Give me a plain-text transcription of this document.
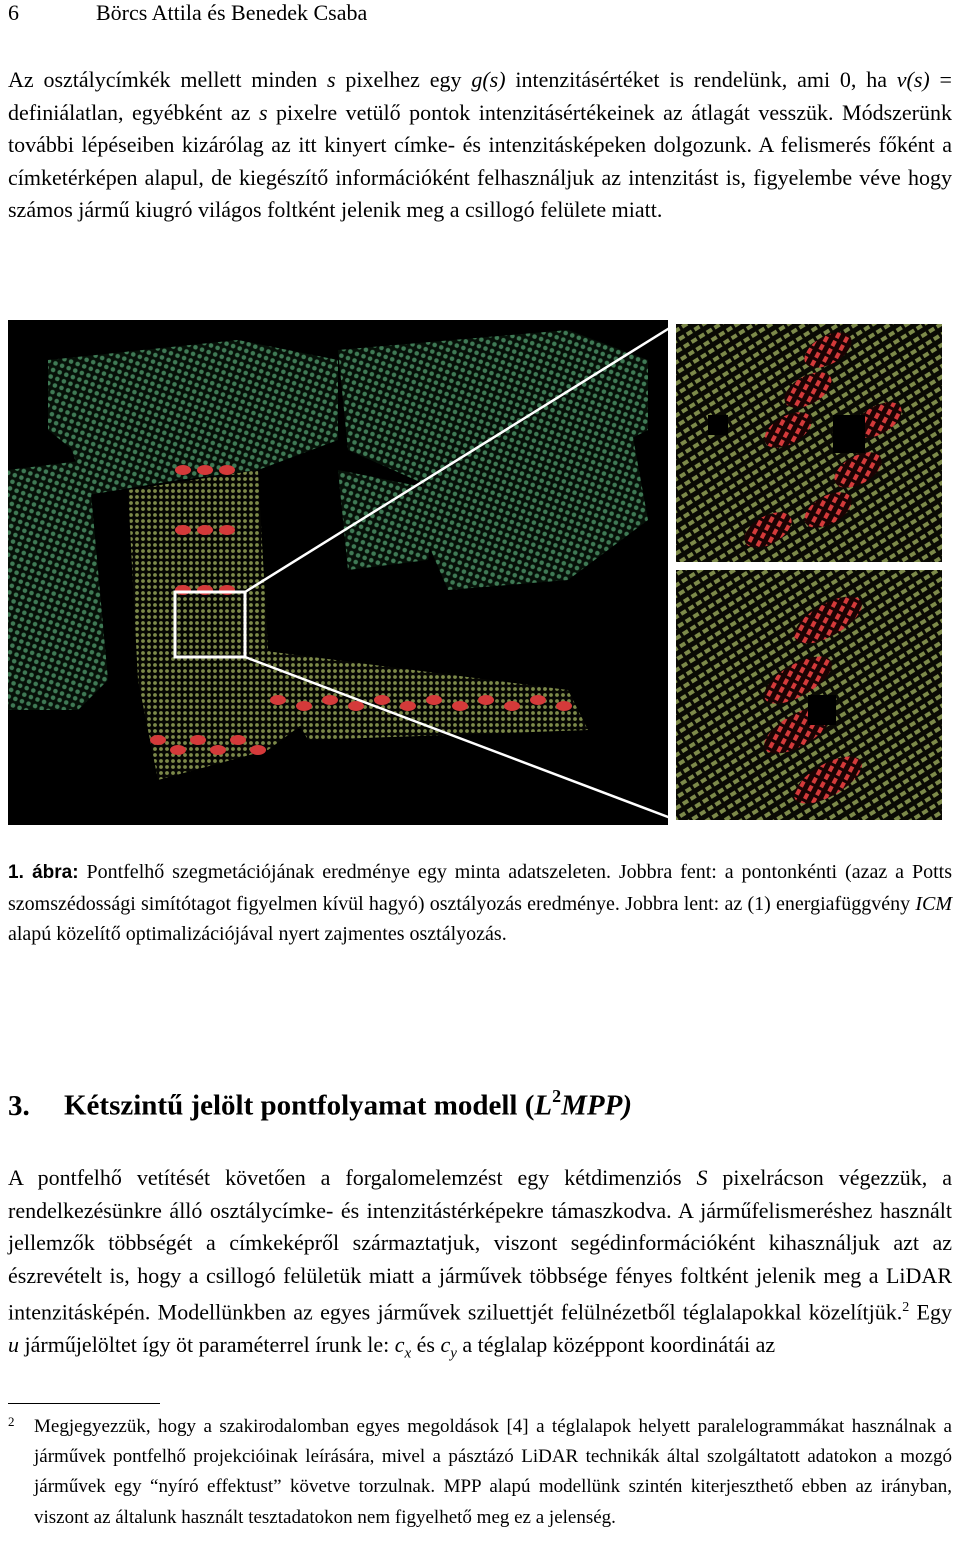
6	Börcs Attila és Benedek Csaba

Az osztálycímkék mellett minden s pixelhez egy g(s) intenzitásértéket is rendelünk, ami 0, ha ν(s) = definiálatlan, egyébként az s pixelre vetülő pontok intenzitásértékeinek az átlagát vesszük. Módszerünk további lépéseiben kizárólag az itt kinyert címke- és intenzitásképeken dolgozunk. A felismerés főként a címketérképen alapul, de kiegészítő információként felhasználjuk az intenzitást is, figyelembe véve hogy számos jármű kiugró világos foltként jelenik meg a csillogó felülete miatt.

1. ábra: Pontfelhő szegmetációjának eredménye egy minta adatszeleten. Jobbra fent: a pontonkénti (azaz a Potts szomszédossági simítótagot figyelmen kívül hagyó) osztályozás eredménye. Jobbra lent: az (1) energiafüggvény ICM alapú közelítő optimalizációjával nyert zajmentes osztályozás.

3. Kétszintű jelölt pontfolyamat modell $(L^2MPP)$

A pontfelhő vetítését követően a forgalomelemzést egy kétdimenziós S pixelrácson végezzük, a rendelkezésünkre álló osztálycímke- és intenzitástérképekre támaszkodva. A járműfelismeréshez használt jellemzők többségét a címkeképről származtatjuk, viszont segédinformációként kihasználjuk azt az észrevételt is, hogy a csillogó felületük miatt a járművek többsége fényes foltként jelenik meg a LiDAR intenzitásképén. Modellünkben az egyes járművek sziluettjét felülnézetből téglalapokkal közelítjük.$^2$ Egy u járműjelöltet így öt paraméterrel írunk le: $c_x$ és $c_y$ a téglalap középpont koordinátái az

2 Megjegyezzük, hogy a szakirodalomban egyes megoldások [4] a téglalapok helyett paralelogrammákat használnak a járművek pontfelhő projekcióinak leírására, mivel a pásztázó LiDAR technikák által szolgáltatott adatokon a mozgó járművek egy “nyíró effektust” követve torzulnak. MPP alapú modellünk szintén kiterjeszthető ebben az irányban, viszont az általunk használt tesztadatokon nem figyelhető meg ez a jelenség.
